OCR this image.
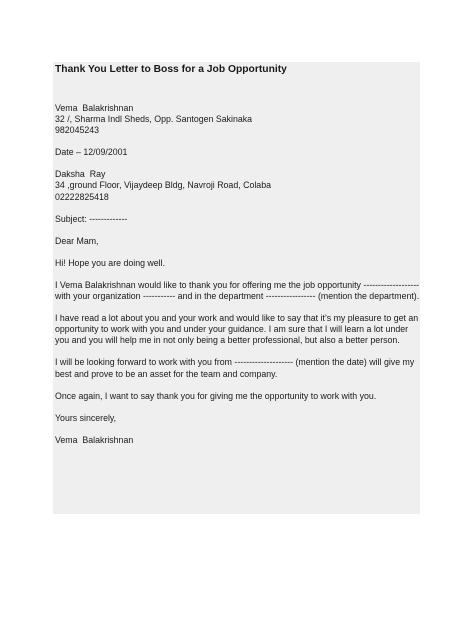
Thank You Letter to Boss for a Job Opportunity

Vema  Balakrishnan

32 /, Sharma Indl Sheds, Opp. Santogen Sakinaka

982045243

Date – 12/09/2001

Daksha  Ray

34 ,ground Floor, Vijaydeep Bldg, Navroji Road, Colaba

02222825418

Subject: -------------

Dear Mam,

Hi! Hope you are doing well.

I Vema Balakrishnan would like to thank you for offering me the job opportunity ------------------- with your organization ----------- and in the department ----------------- (mention the department).

I have read a lot about you and your work and would like to say that it’s my pleasure to get an opportunity to work with you and under your guidance. I am sure that I will learn a lot under you and you will help me in not only being a better professional, but also a better person.

I will be looking forward to work with you from -------------------- (mention the date) will give my best and prove to be an asset for the team and company.

Once again, I want to say thank you for giving me the opportunity to work with you.

Yours sincerely,

Vema  Balakrishnan
